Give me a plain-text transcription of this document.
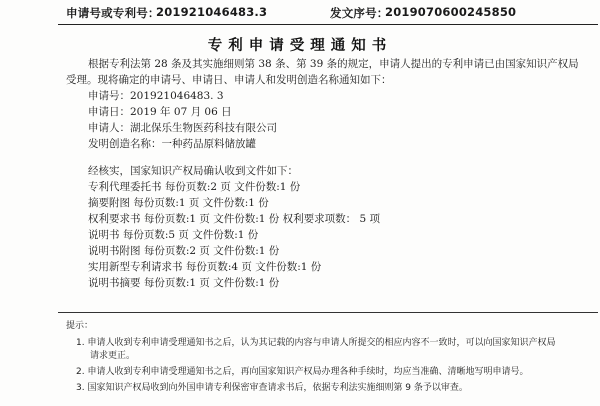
申请号或专利号：
201921046483.3	发文序号：
2019070600245850
专利申请受理通知书
根据专利法第 28 条及其实施细则第 38 条、第 39 条的规定，申请人提出的专利申请已由国家知识产权局
受理。现将确定的申请号、申请日、申请人和发明创造名称通知如下：
申请号：201921046483. 3
申请日：2019 年 07 月 06 日
申请人：湖北保乐生物医药科技有限公司
发明创造名称：一种药品原料储放罐
经核实，国家知识产权局确认收到文件如下：
专利代理委托书 每份页数:2 页 文件份数:1 份
摘要附图 每份页数:1 页 文件份数:1 份
权利要求书 每份页数:1 页 文件份数:1 份 权利要求项数： 5 项
说明书 每份页数:5 页 文件份数:1 份
说明书附图 每份页数:2 页 文件份数:1 份
实用新型专利请求书 每份页数:4 页 文件份数:1 份
说明书摘要 每份页数:1 页 文件份数:1 份
提示：
1. 申请人收到专利申请受理通知书之后，认为其记载的内容与申请人所提交的相应内容不一致时，可以向国家知识产权局
请求更正。
2. 申请人收到专利申请受理通知书之后，再向国家知识产权局办理各种手续时，均应当准确、清晰地写明申请号。
3. 国家知识产权局收到向外国申请专利保密审查请求书后，依据专利法实施细则第 9 条予以审查。
